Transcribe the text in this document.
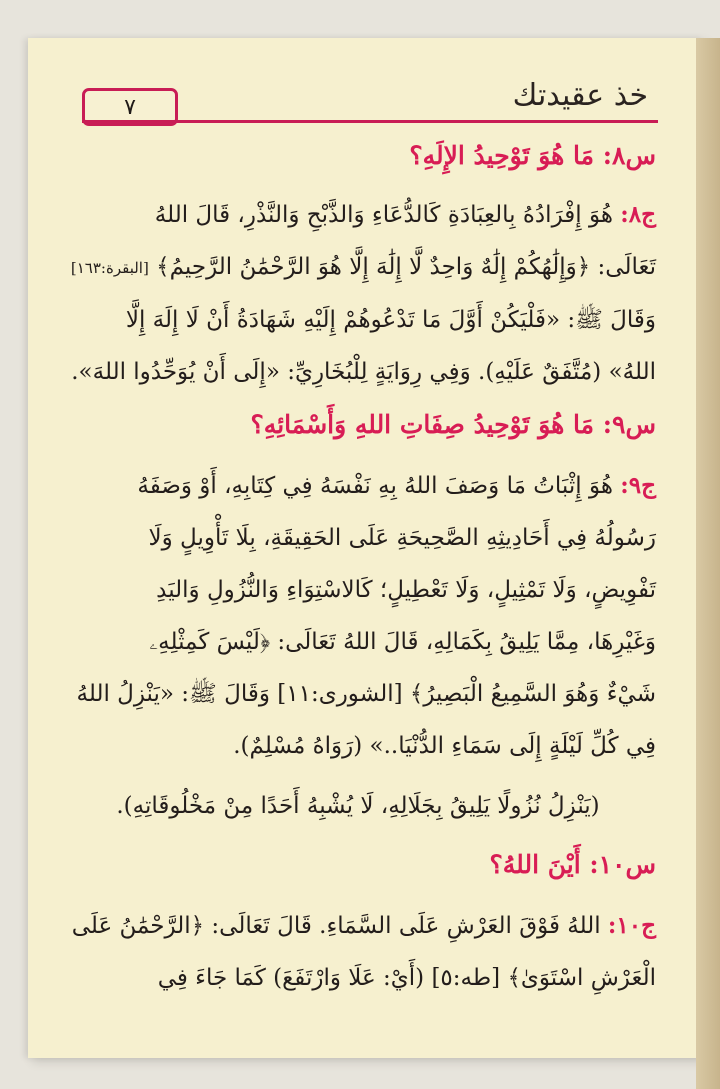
خذ عقيدتك
٧

س٨: مَا هُوَ تَوْحِيدُ الإِلَهِ؟

ج٨: هُوَ إِفْرَادُهُ بِالعِبَادَةِ كَالدُّعَاءِ وَالذَّبْحِ وَالنَّذْرِ، قَالَ اللهُ
تَعَالَى: ﴿وَإِلَٰهُكُمْ إِلَٰهٌ وَاحِدٌ لَّا إِلَٰهَ إِلَّا هُوَ الرَّحْمَٰنُ الرَّحِيمُ﴾ [البقرة:١٦٣]
وَقَالَ ﷺ: «فَلْيَكُنْ أَوَّلَ مَا تَدْعُوهُمْ إِلَيْهِ شَهَادَةُ أَنْ لَا إِلَهَ إِلَّا
اللهُ» (مُتَّفَقٌ عَلَيْهِ). وَفِي رِوَايَةٍ لِلْبُخَارِيِّ: «إِلَى أَنْ يُوَحِّدُوا اللهَ».

س٩: مَا هُوَ تَوْحِيدُ صِفَاتِ اللهِ وَأَسْمَائِهِ؟

ج٩: هُوَ إِثْبَاتُ مَا وَصَفَ اللهُ بِهِ نَفْسَهُ فِي كِتَابِهِ، أَوْ وَصَفَهُ
رَسُولُهُ فِي أَحَادِيثِهِ الصَّحِيحَةِ عَلَى الحَقِيقَةِ، بِلَا تَأْوِيلٍ وَلَا
تَفْوِيضٍ، وَلَا تَمْثِيلٍ، وَلَا تَعْطِيلٍ؛ كَالاسْتِوَاءِ وَالنُّزُولِ وَاليَدِ
وَغَيْرِهَا، مِمَّا يَلِيقُ بِكَمَالِهِ، قَالَ اللهُ تَعَالَى: ﴿لَيْسَ كَمِثْلِهِۦ
شَيْءٌ وَهُوَ السَّمِيعُ الْبَصِيرُ﴾ [الشورى:١١] وَقَالَ ﷺ: «يَنْزِلُ اللهُ
فِي كُلِّ لَيْلَةٍ إِلَى سَمَاءِ الدُّنْيَا..» (رَوَاهُ مُسْلِمٌ).

(يَنْزِلُ نُزُولًا يَلِيقُ بِجَلَالِهِ، لَا يُشْبِهُ أَحَدًا مِنْ مَخْلُوقَاتِهِ).

س١٠: أَيْنَ اللهُ؟

ج١٠: اللهُ فَوْقَ العَرْشِ عَلَى السَّمَاءِ. قَالَ تَعَالَى: ﴿الرَّحْمَٰنُ عَلَى
الْعَرْشِ اسْتَوَىٰ﴾ [طه:٥] (أَيْ: عَلَا وَارْتَفَعَ) كَمَا جَاءَ فِي
